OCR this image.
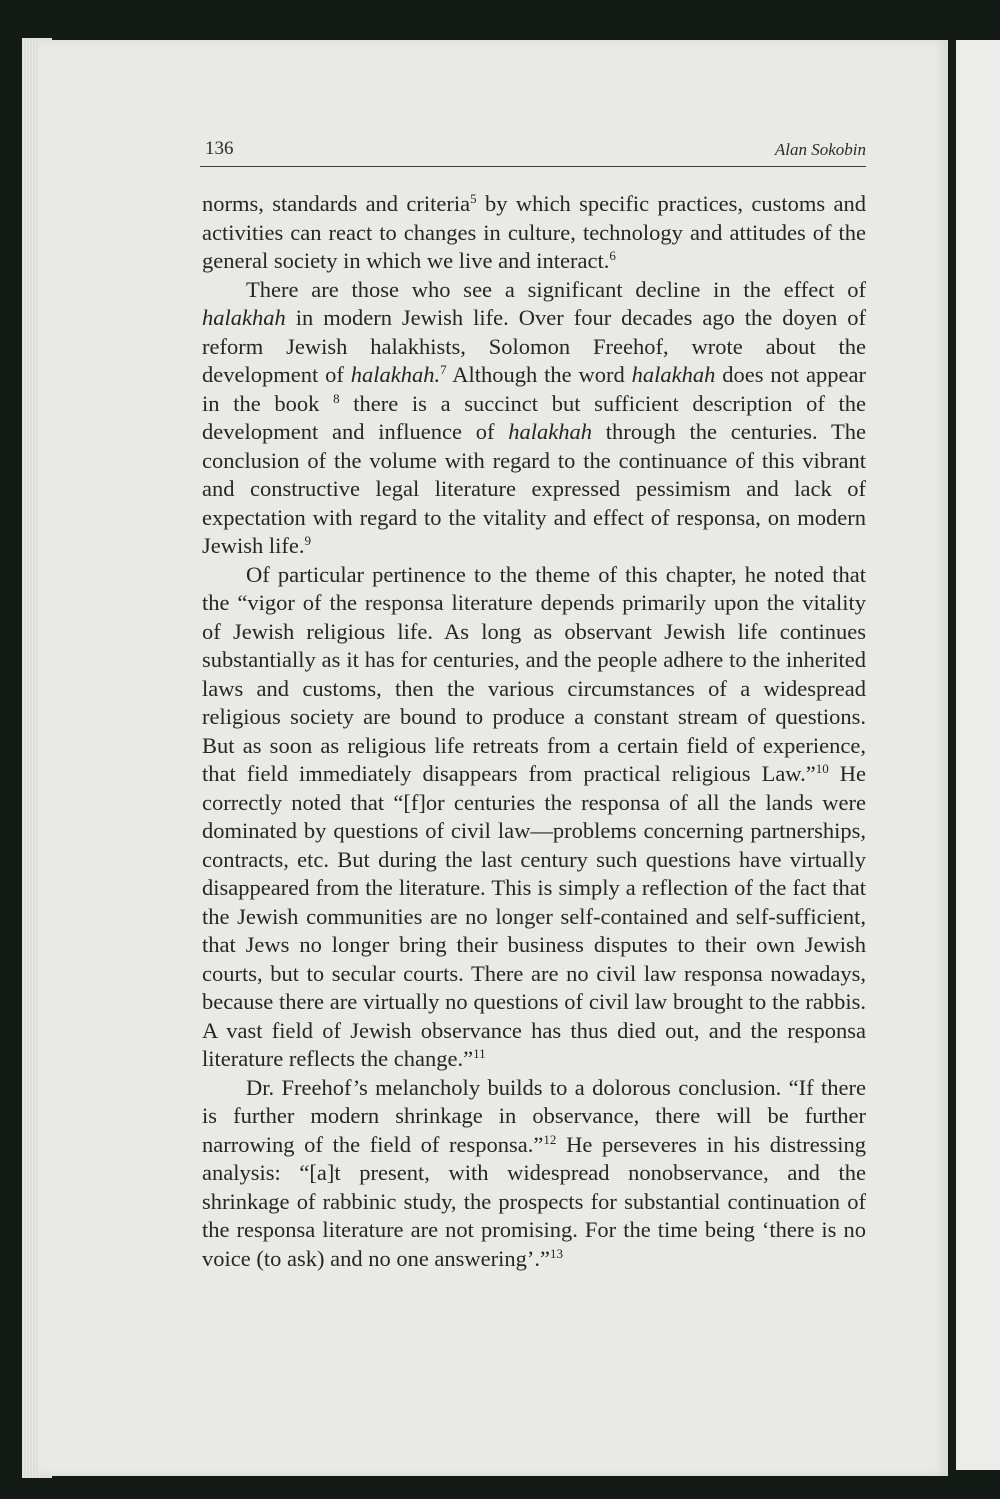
136	Alan Sokobin

norms, standards and criteria$^5$ by which specific practices, customs and activities can react to changes in culture, technology and attitudes of the general society in which we live and interact.$^6$

There are those who see a significant decline in the effect of halakhah in modern Jewish life. Over four decades ago the doyen of reform Jewish halakhists, Solomon Freehof, wrote about the development of halakhah.$^7$ Although the word halakhah does not appear in the book $^8$ there is a succinct but sufficient description of the development and influence of halakhah through the centuries. The conclusion of the volume with regard to the continuance of this vibrant and constructive legal literature expressed pessimism and lack of expectation with regard to the vitality and effect of responsa, on modern Jewish life.$^9$

Of particular pertinence to the theme of this chapter, he noted that the “vigor of the responsa literature depends primarily upon the vitality of Jewish religious life. As long as observant Jewish life continues substantially as it has for centuries, and the people adhere to the inherited laws and customs, then the various circumstances of a widespread religious society are bound to produce a constant stream of questions. But as soon as religious life retreats from a certain field of experience, that field immediately disappears from practical religious Law.”$^{10}$ He correctly noted that “[f]or centuries the responsa of all the lands were dominated by questions of civil law—problems concerning partnerships, contracts, etc. But during the last century such questions have virtually disappeared from the literature. This is simply a reflection of the fact that the Jewish communities are no longer self-contained and self-sufficient, that Jews no longer bring their business disputes to their own Jewish courts, but to secular courts. There are no civil law responsa nowadays, because there are virtually no questions of civil law brought to the rabbis. A vast field of Jewish observance has thus died out, and the responsa literature reflects the change.”$^{11}$

Dr. Freehof’s melancholy builds to a dolorous conclusion. “If there is further modern shrinkage in observance, there will be further narrowing of the field of responsa.”$^{12}$ He perseveres in his distressing analysis: “[a]t present, with widespread nonobservance, and the shrinkage of rabbinic study, the prospects for substantial continuation of the responsa literature are not promising. For the time being ‘there is no voice (to ask) and no one answering’.”$^{13}$
